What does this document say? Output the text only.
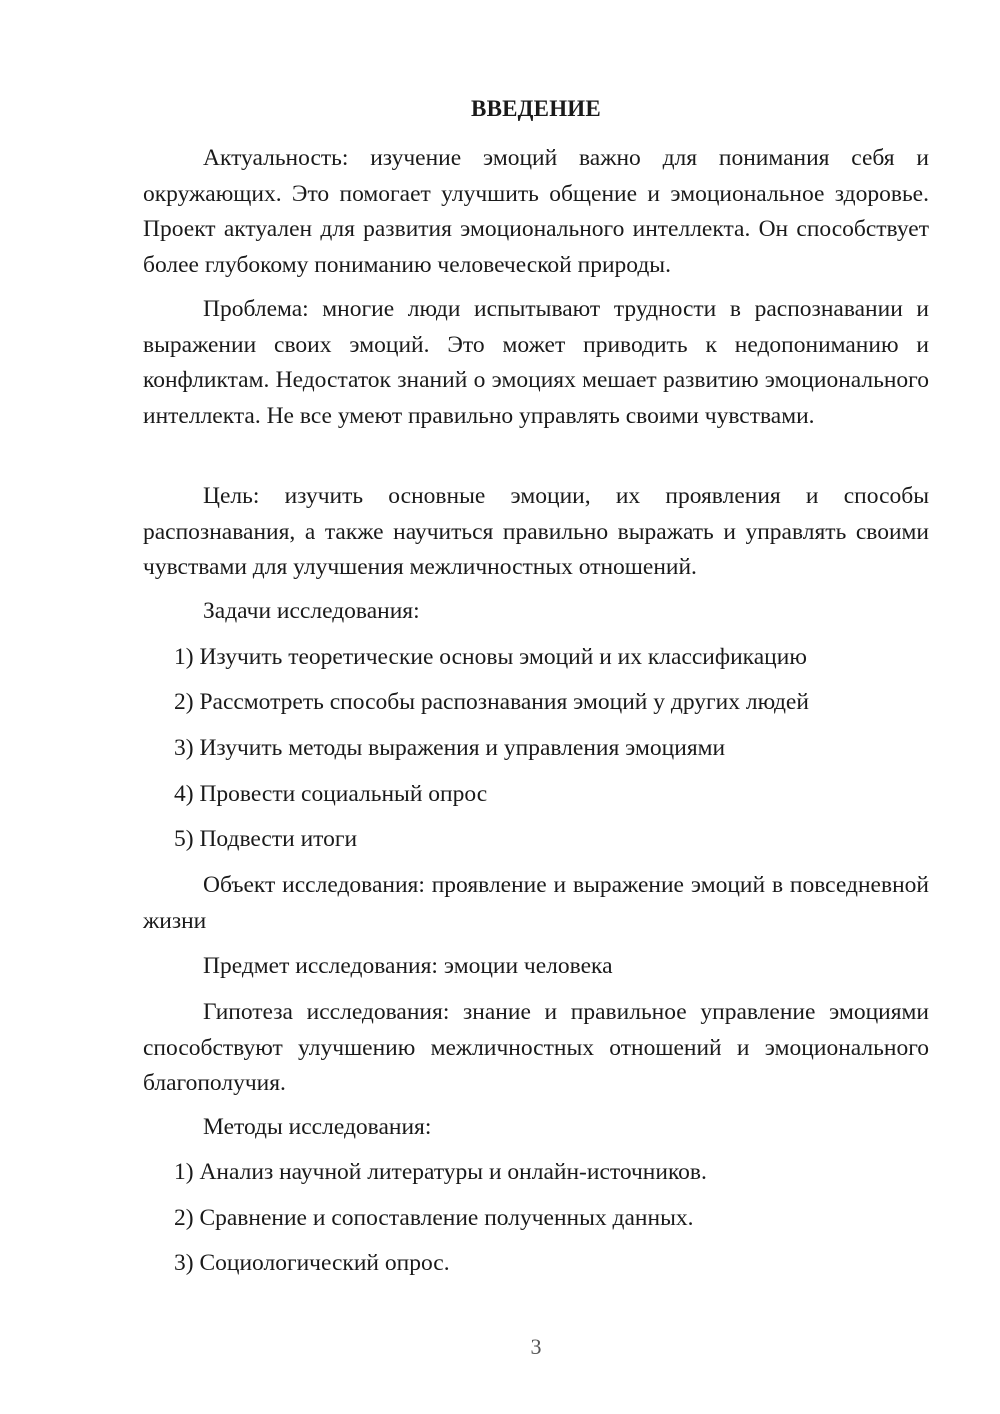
ВВЕДЕНИЕ

Актуальность: изучение эмоций важно для понимания себя и окружающих. Это помогает улучшить общение и эмоциональное здоровье. Проект актуален для развития эмоционального интеллекта. Он способствует более глубокому пониманию человеческой природы.

Проблема: многие люди испытывают трудности в распознавании и выражении своих эмоций. Это может приводить к недопониманию и конфликтам. Недостаток знаний о эмоциях мешает развитию эмоционального интеллекта. Не все умеют правильно управлять своими чувствами.

Цель: изучить основные эмоции, их проявления и способы распознавания, а также научиться правильно выражать и управлять своими чувствами для улучшения межличностных отношений.

Задачи исследования:

1) Изучить теоретические основы эмоций и их классификацию

2) Рассмотреть способы распознавания эмоций у других людей

3) Изучить методы выражения и управления эмоциями

4) Провести социальный опрос

5) Подвести итоги

Объект исследования: проявление и выражение эмоций в повседневной жизни

Предмет исследования: эмоции человека

Гипотеза исследования: знание и правильное управление эмоциями способствуют улучшению межличностных отношений и эмоционального благополучия.

Методы исследования:

1) Анализ научной литературы и онлайн-источников.

2) Сравнение и сопоставление полученных данных.

3) Социологический опрос.

3
